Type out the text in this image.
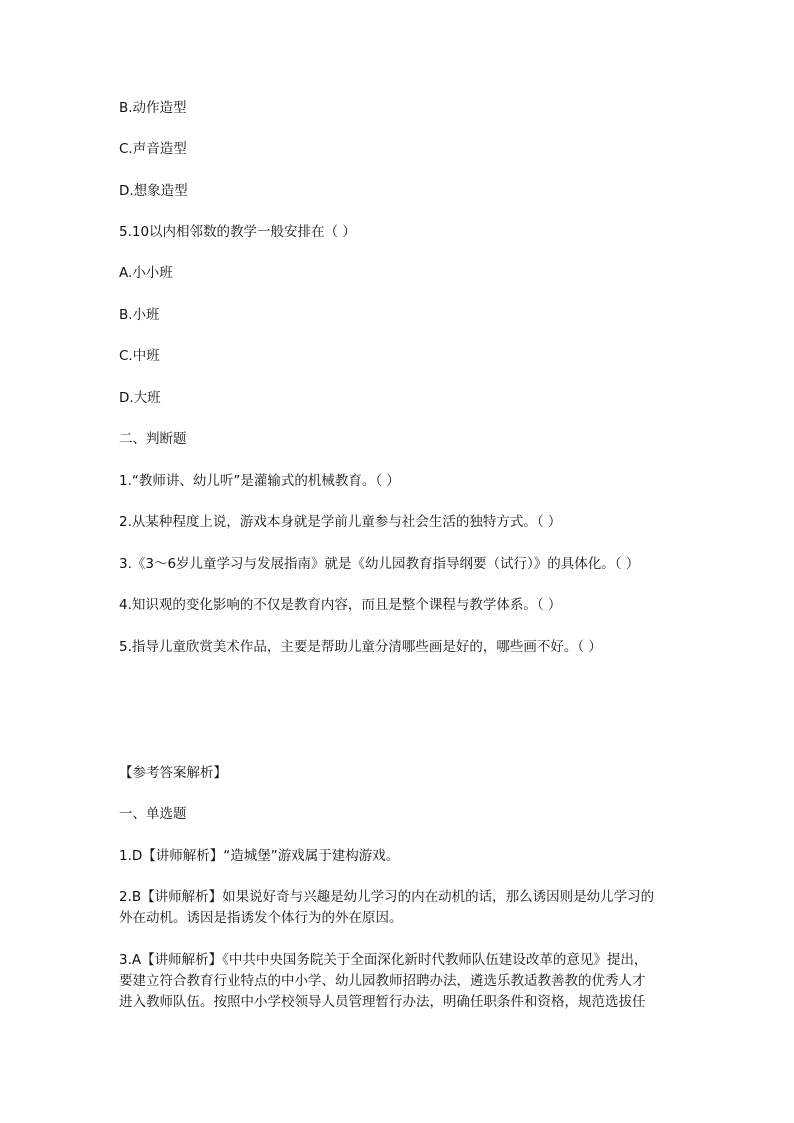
B.动作造型
C.声音造型
D.想象造型
5.10以内相邻数的教学一般安排在（ ）
A.小小班
B.小班
C.中班
D.大班
二、判断题
1.“教师讲、幼儿听”是灌输式的机械教育。（ ）
2.从某种程度上说，游戏本身就是学前儿童参与社会生活的独特方式。（ ）
3.《3～6岁儿童学习与发展指南》就是《幼儿园教育指导纲要（试行）》的具体化。（ ）
4.知识观的变化影响的不仅是教育内容，而且是整个课程与教学体系。（ ）
5.指导儿童欣赏美术作品，主要是帮助儿童分清哪些画是好的，哪些画不好。（ ）
【参考答案解析】
一、单选题
1.D【讲师解析】“造城堡”游戏属于建构游戏。
2.B【讲师解析】如果说好奇与兴趣是幼儿学习的内在动机的话，那么诱因则是幼儿学习的
外在动机。诱因是指诱发个体行为的外在原因。
3.A【讲师解析】《中共中央国务院关于全面深化新时代教师队伍建设改革的意见》提出，
要建立符合教育行业特点的中小学、幼儿园教师招聘办法，遴选乐教适教善教的优秀人才
进入教师队伍。按照中小学校领导人员管理暂行办法，明确任职条件和资格，规范选拔任
